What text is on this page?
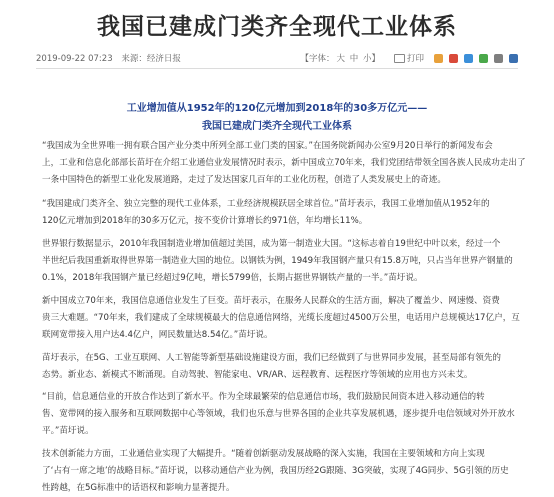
我国已建成门类齐全现代工业体系
2019-09-22 07:23 来源：经济日报	【字体： 大 中 小】	打印
工业增加值从1952年的120亿元增加到2018年的30多万亿元——
我国已建成门类齐全现代工业体系
“我国成为全世界唯一拥有联合国产业分类中所列全部工业门类的国家。”在国务院新闻办公室9月20日举行的新闻发布会
上，工业和信息化部部长苗圩在介绍工业通信业发展情况时表示，新中国成立70年来，我们党团结带领全国各族人民成功走出了
一条中国特色的新型工业化发展道路，走过了发达国家几百年的工业化历程，创造了人类发展史上的奇迹。
“我国建成门类齐全、独立完整的现代工业体系，工业经济规模跃居全球首位。”苗圩表示，我国工业增加值从1952年的
120亿元增加到2018年的30多万亿元，按不变价计算增长约971倍，年均增长11%。
世界银行数据显示，2010年我国制造业增加值超过美国，成为第一制造业大国。“这标志着自19世纪中叶以来，经过一个
半世纪后我国重新取得世界第一制造业大国的地位。以钢铁为例，1949年我国钢产量只有15.8万吨，只占当年世界产钢量的
0.1%，2018年我国钢产量已经超过9亿吨，增长5799倍，长期占据世界钢铁产量的一半。”苗圩说。
新中国成立70年来，我国信息通信业发生了巨变。苗圩表示，在服务人民群众的生活方面，解决了覆盖少、网速慢、资费
贵三大难题。“70年来，我们建成了全球规模最大的信息通信网络，光缆长度超过4500万公里，电话用户总规模达17亿户，互
联网宽带接入用户达4.4亿户，网民数量达8.54亿。”苗圩说。
苗圩表示，在5G、工业互联网、人工智能等新型基础设施建设方面，我们已经做到了与世界同步发展，甚至局部有领先的
态势。新业态、新模式不断涌现。自动驾驶、智能家电、VR/AR、远程教育、远程医疗等领域的应用也方兴未艾。
“目前，信息通信业的开放合作达到了新水平。作为全球最繁荣的信息通信市场，我们鼓励民间资本进入移动通信的转
售、宽带网的接入服务和互联网数据中心等领域，我们也乐意与世界各国的企业共享发展机遇，逐步提升电信领域对外开放水
平。”苗圩说。
技术创新能力方面，工业通信业实现了大幅提升。“随着创新驱动发展战略的深入实施，我国在主要领域和方向上实现
了‘占有一席之地’的战略目标。”苗圩说，以移动通信产业为例，我国历经2G跟随、3G突破，实现了4G同步、5G引领的历史
性跨越，在5G标准中的话语权和影响力显著提升。
